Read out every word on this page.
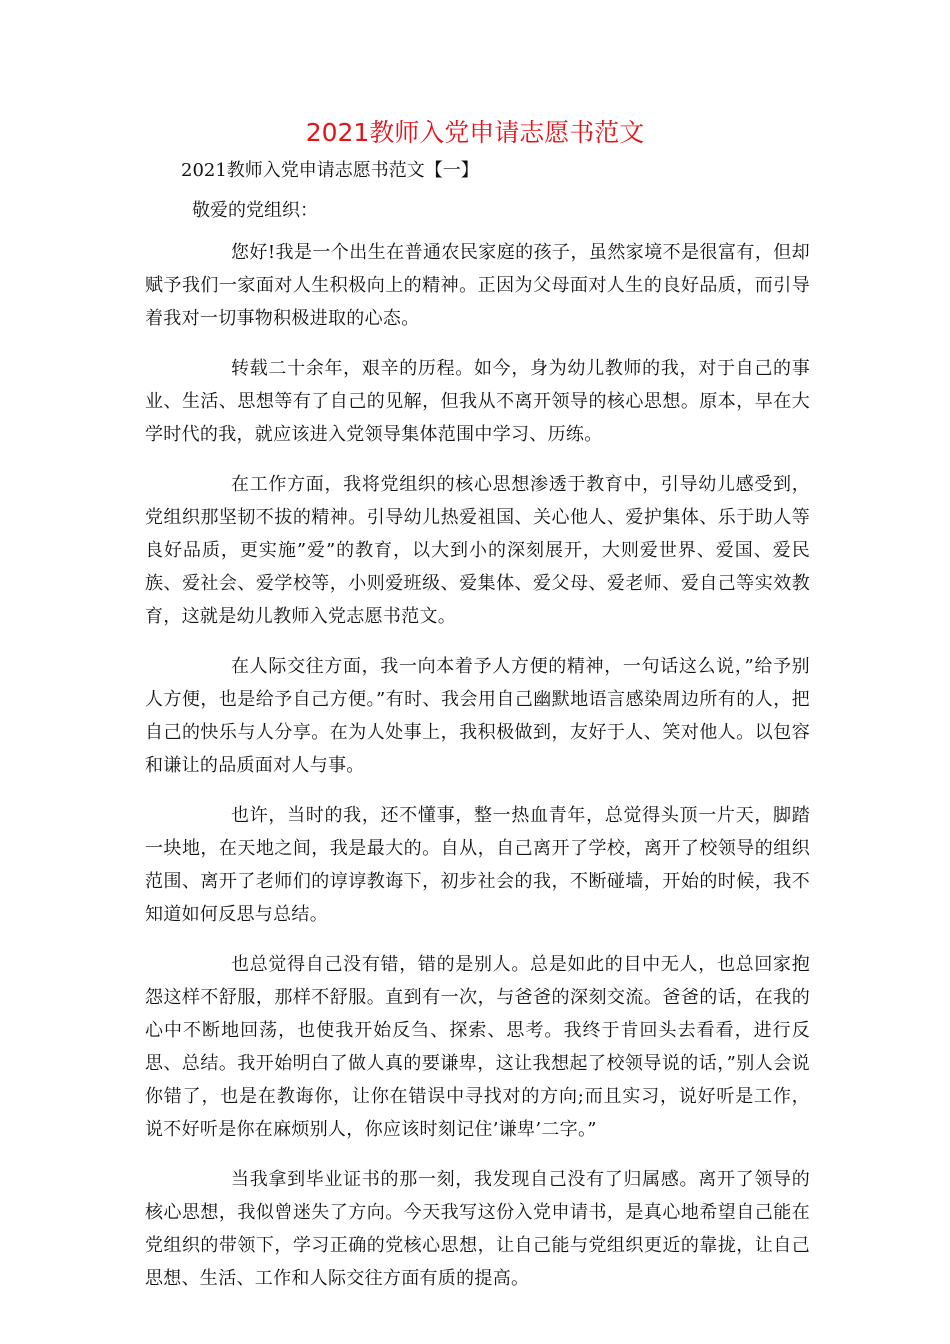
2021教师入党申请志愿书范文

2021教师入党申请志愿书范文【一】

敬爱的党组织：

您好!我是一个出生在普通农民家庭的孩子，虽然家境不是很富有，但却赋予我们一家面对人生积极向上的精神。正因为父母面对人生的良好品质，而引导着我对一切事物积极进取的心态。

转载二十余年，艰辛的历程。如今，身为幼儿教师的我，对于自己的事业、生活、思想等有了自己的见解，但我从不离开领导的核心思想。原本，早在大学时代的我，就应该进入党领导集体范围中学习、历练。

在工作方面，我将党组织的核心思想渗透于教育中，引导幼儿感受到，党组织那坚韧不拔的精神。引导幼儿热爱祖国、关心他人、爱护集体、乐于助人等良好品质，更实施”爱”的教育，以大到小的深刻展开，大则爱世界、爱国、爱民族、爱社会、爱学校等，小则爱班级、爱集体、爱父母、爱老师、爱自己等实效教育，这就是幼儿教师入党志愿书范文。

在人际交往方面，我一向本着予人方便的精神，一句话这么说，”给予别人方便，也是给予自己方便。”有时、我会用自己幽默地语言感染周边所有的人，把自己的快乐与人分享。在为人处事上，我积极做到，友好于人、笑对他人。以包容和谦让的品质面对人与事。

也许，当时的我，还不懂事，整一热血青年，总觉得头顶一片天，脚踏一块地，在天地之间，我是最大的。自从，自己离开了学校，离开了校领导的组织范围、离开了老师们的谆谆教诲下，初步社会的我，不断碰墙，开始的时候，我不知道如何反思与总结。

也总觉得自己没有错，错的是别人。总是如此的目中无人，也总回家抱怨这样不舒服，那样不舒服。直到有一次，与爸爸的深刻交流。爸爸的话，在我的心中不断地回荡，也使我开始反刍、探索、思考。我终于肯回头去看看，进行反思、总结。我开始明白了做人真的要谦卑，这让我想起了校领导说的话，”别人会说你错了，也是在教诲你，让你在错误中寻找对的方向;而且实习，说好听是工作，说不好听是你在麻烦别人，你应该时刻记住’谦卑’二字。”

当我拿到毕业证书的那一刻，我发现自己没有了归属感。离开了领导的核心思想，我似曾迷失了方向。今天我写这份入党申请书，是真心地希望自己能在党组织的带领下，学习正确的党核心思想，让自己能与党组织更近的靠拢，让自己思想、生活、工作和人际交往方面有质的提高。
